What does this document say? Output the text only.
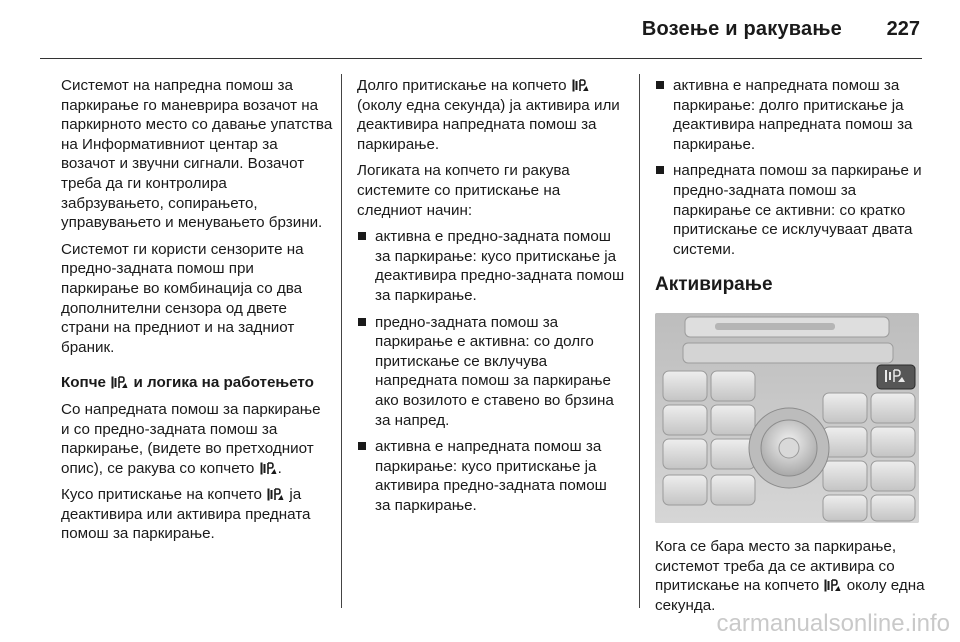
Возење и ракување 227

Системот на напредна помош за паркирање го маневрира возачот на паркирното место со давање упатства на Информативниот центар за возачот и звучни сигнали. Возачот треба да ги контролира забрзувањето, сопирањето, управувањето и менувањето брзини.

Системот ги користи сензорите на предно-задната помош при паркирање во комбинација со два дополнителни сензора од двете страни на предниот и на задниот браник.

Копче и логика на работењето

Со напредната помош за паркирање и со предно-задната помош за паркирање, (видете во претходниот опис), се ракува со копчето .

Кусо притискање на копчето ја деактивира или активира предната помош за паркирање.

Долго притискање на копчето  (околу една секунда) ја активира или деактивира напредната помош за паркирање.

Логиката на копчето ги ракува системите со притискање на следниот начин:

активна е предно-задната помош за паркирање: кусо притискање ја деактивира предно-задната помош за паркирање.
предно-задната помош за паркирање е активна: со долго притискање се вклучува напредната помош за паркирање ако возилото е ставено во брзина за напред.
активна е напредната помош за паркирање: кусо притискање ја активира предно-задната помош за паркирање.
активна е напредната помош за паркирање: долго притискање ја деактивира напредната помош за паркирање.
напредната помош за паркирање и предно-задната помош за паркирање се активни: со кратко притискање се исклучуваат двата системи.
Активирање

Кога се бара место за паркирање, системот треба да се активира со притискање на копчето околу една секунда.

carmanualsonline.info
